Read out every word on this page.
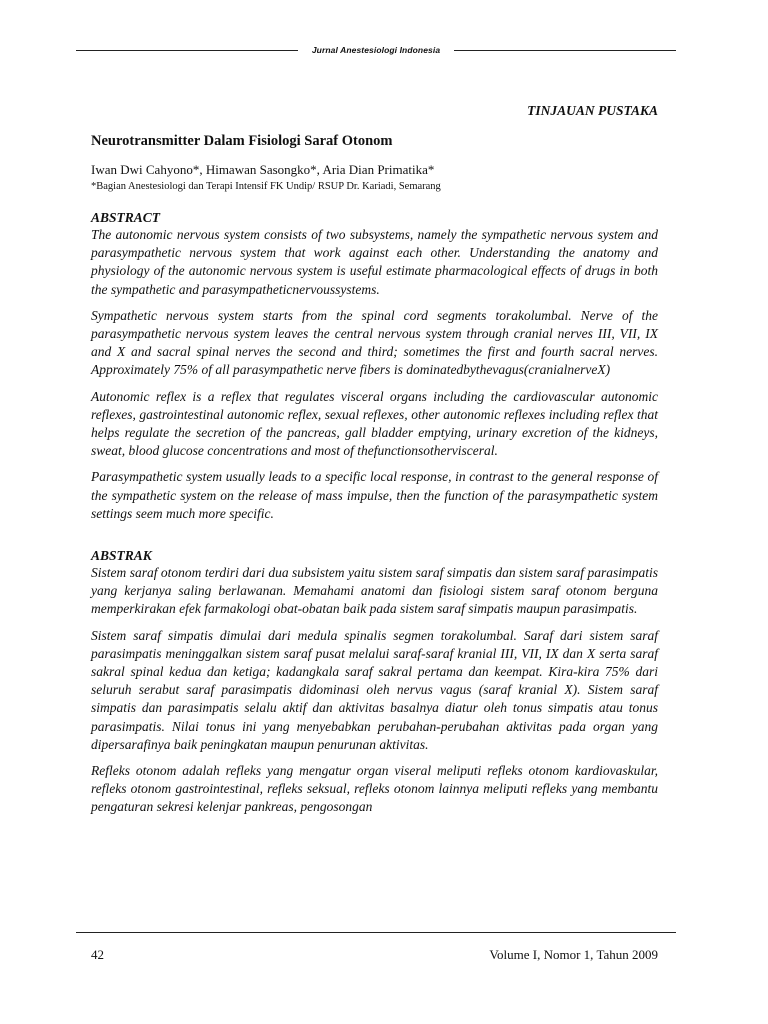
Jurnal Anestesiologi Indonesia
TINJAUAN PUSTAKA
Neurotransmitter Dalam Fisiologi Saraf Otonom
Iwan Dwi Cahyono*, Himawan Sasongko*, Aria Dian Primatika*
*Bagian Anestesiologi dan Terapi Intensif FK Undip/ RSUP Dr. Kariadi, Semarang
ABSTRACT

The autonomic nervous system consists of two subsystems, namely the sympathetic nervous system and parasympathetic nervous system that work against each other. Understanding the anatomy and physiology of the autonomic nervous system is useful estimate pharmacological effects of drugs in both the sympathetic and parasympatheticnervoussystems.

Sympathetic nervous system starts from the spinal cord segments torakolumbal. Nerve of the parasympathetic nervous system leaves the central nervous system through cranial nerves III, VII, IX and X and sacral spinal nerves the second and third; sometimes the first and fourth sacral nerves. Approximately 75% of all parasympathetic nerve fibers is dominatedbythevagus(cranialnerveX)

Autonomic reflex is a reflex that regulates visceral organs including the cardiovascular autonomic reflexes, gastrointestinal autonomic reflex, sexual reflexes, other autonomic reflexes including reflex that helps regulate the secretion of the pancreas, gall bladder emptying, urinary excretion of the kidneys, sweat, blood glucose concentrations and most of thefunctionsothervisceral.

Parasympathetic system usually leads to a specific local response, in contrast to the general response of the sympathetic system on the release of mass impulse, then the function of the parasympathetic system settings seem much more specific.

ABSTRAK

Sistem saraf otonom terdiri dari dua subsistem yaitu sistem saraf simpatis dan sistem saraf parasimpatis yang kerjanya saling berlawanan. Memahami anatomi dan fisiologi sistem saraf otonom berguna memperkirakan efek farmakologi obat-obatan baik pada sistem saraf simpatis maupun parasimpatis.

Sistem saraf simpatis dimulai dari medula spinalis segmen torakolumbal. Saraf dari sistem saraf parasimpatis meninggalkan sistem saraf pusat melalui saraf-saraf kranial III, VII, IX dan X serta saraf sakral spinal kedua dan ketiga; kadangkala saraf sakral pertama dan keempat. Kira-kira 75% dari seluruh serabut saraf parasimpatis didominasi oleh nervus vagus (saraf kranial X). Sistem saraf simpatis dan parasimpatis selalu aktif dan aktivitas basalnya diatur oleh tonus simpatis atau tonus parasimpatis. Nilai tonus ini yang menyebabkan perubahan-perubahan aktivitas pada organ yang dipersarafinya baik peningkatan maupun penurunan aktivitas.

Refleks otonom adalah refleks yang mengatur organ viseral meliputi refleks otonom kardiovaskular, refleks otonom gastrointestinal, refleks seksual, refleks otonom lainnya meliputi refleks yang membantu pengaturan sekresi kelenjar pankreas, pengosongan

42	Volume I, Nomor 1, Tahun 2009
